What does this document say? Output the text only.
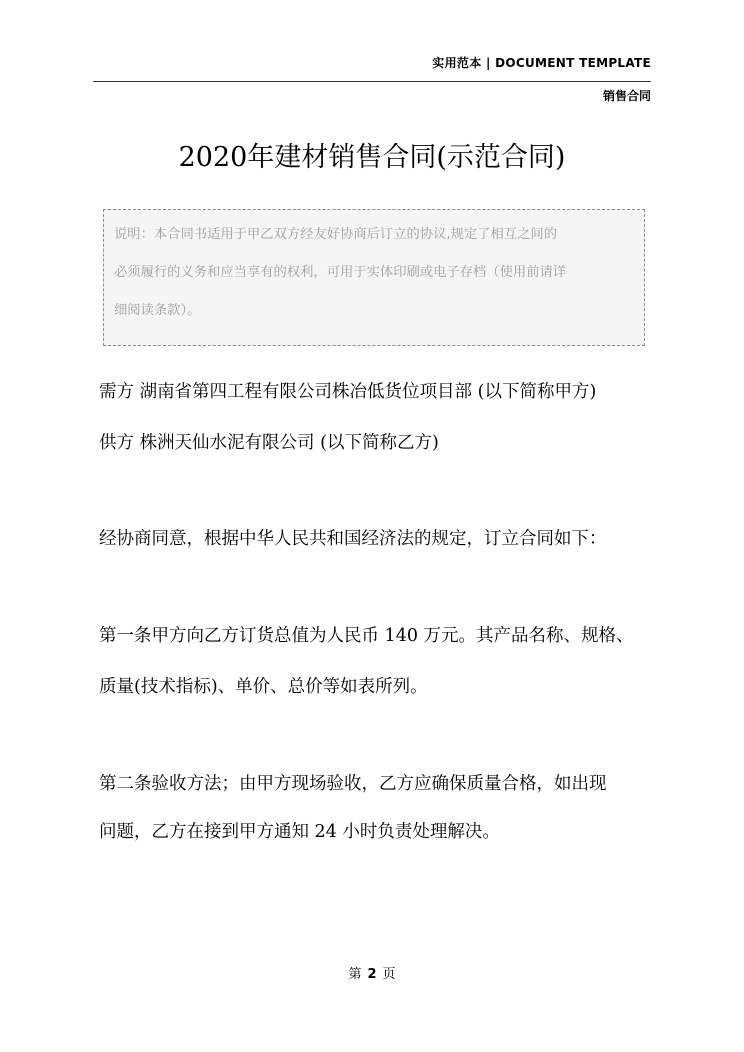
实用范本 | DOCUMENT TEMPLATE
销售合同
2020年建材销售合同(示范合同)
说明：本合同书适用于甲乙双方经友好协商后订立的协议,规定了相互之间的
必须履行的义务和应当享有的权利，可用于实体印刷或电子存档（使用前请详
细阅读条款）。
需方 湖南省第四工程有限公司株冶低货位项目部 (以下简称甲方)
供方 株洲天仙水泥有限公司 (以下简称乙方)
经协商同意，根据中华人民共和国经济法的规定，订立合同如下：
第一条甲方向乙方订货总值为人民币 140 万元。其产品名称、规格、
质量(技术指标)、单价、总价等如表所列。
第二条验收方法；由甲方现场验收，乙方应确保质量合格，如出现
问题，乙方在接到甲方通知 24 小时负责处理解决。
第 2 页
